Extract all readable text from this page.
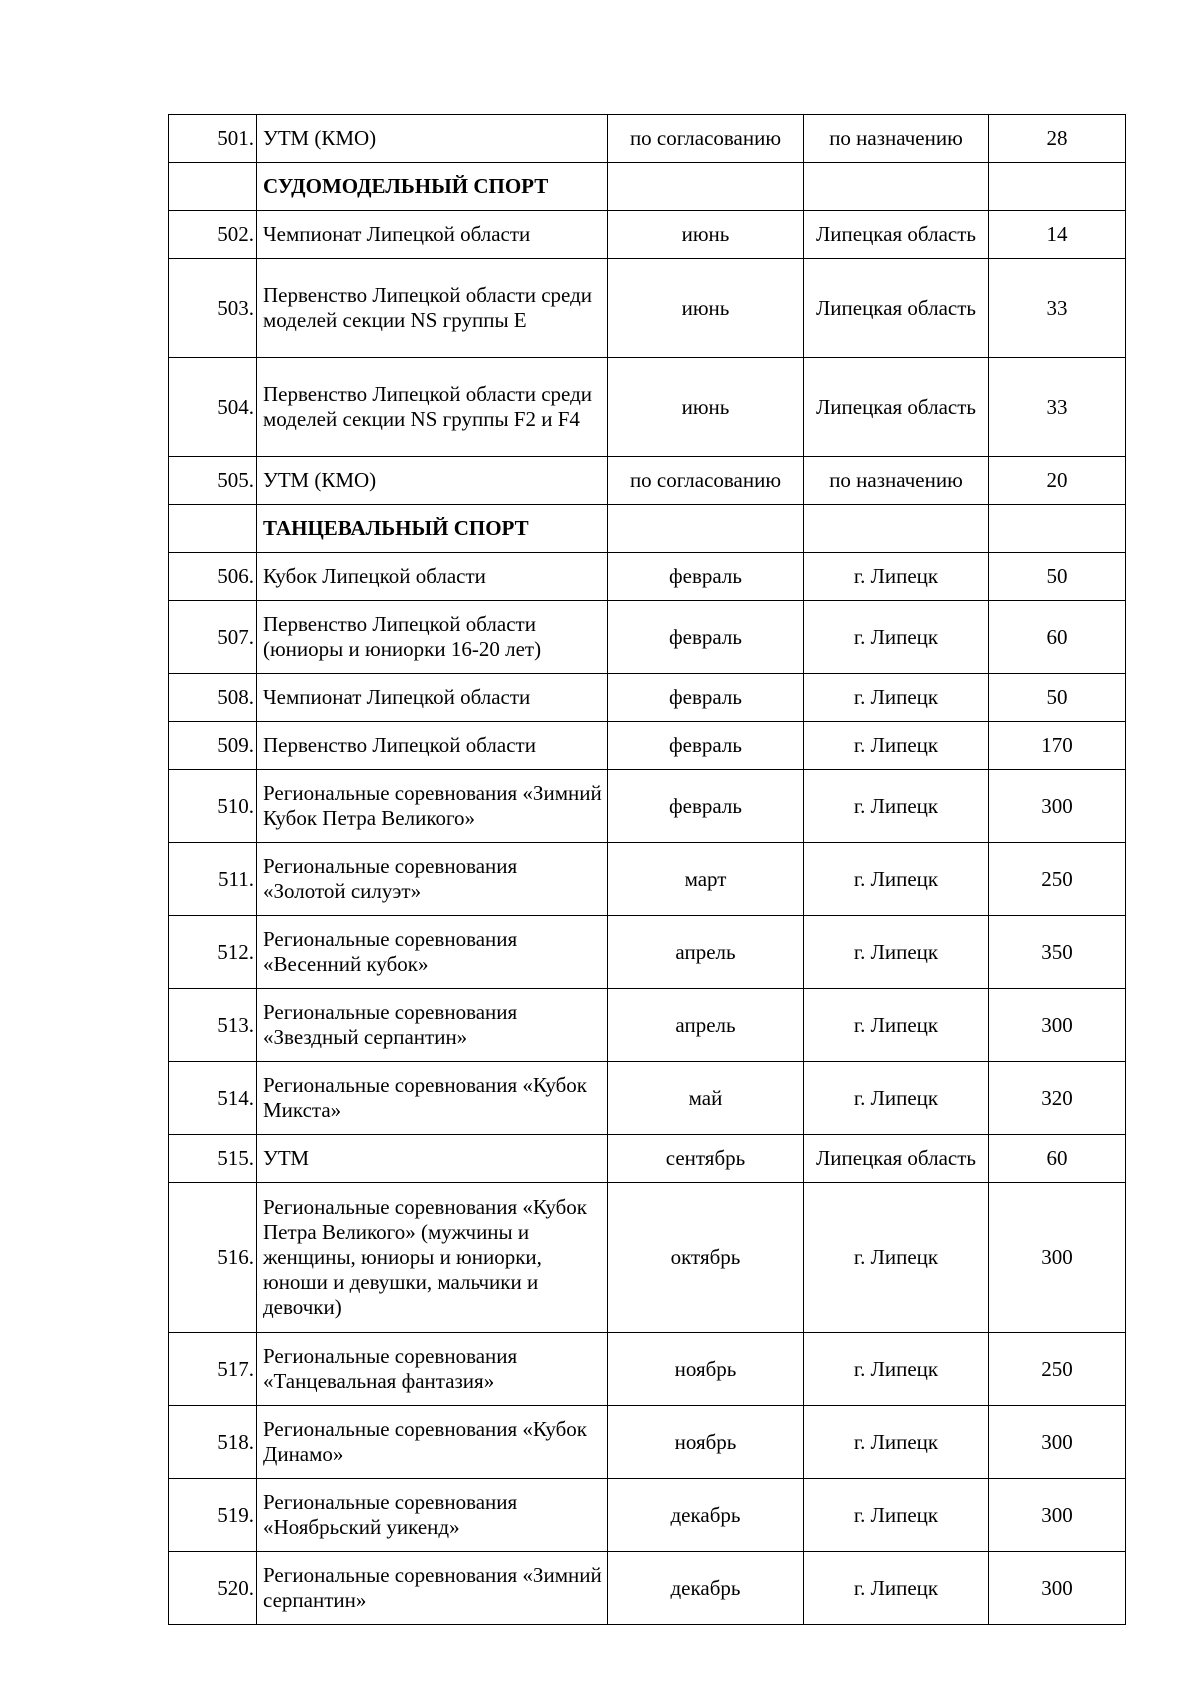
501.	УТМ (КМО)	по согласованию	по назначению	28
	СУДОМОДЕЛЬНЫЙ СПОРТ			
502.	Чемпионат Липецкой области	июнь	Липецкая область	14
503.	Первенство Липецкой области среди моделей секции NS группы E	июнь	Липецкая область	33
504.	Первенство Липецкой области среди моделей секции NS группы F2 и F4	июнь	Липецкая область	33
505.	УТМ (КМО)	по согласованию	по назначению	20
	ТАНЦЕВАЛЬНЫЙ СПОРТ			
506.	Кубок Липецкой области	февраль	г. Липецк	50
507.	Первенство Липецкой области (юниоры и юниорки 16-20 лет)	февраль	г. Липецк	60
508.	Чемпионат Липецкой области	февраль	г. Липецк	50
509.	Первенство Липецкой области	февраль	г. Липецк	170
510.	Региональные соревнования «Зимний Кубок Петра Великого»	февраль	г. Липецк	300
511.	Региональные соревнования «Золотой силуэт»	март	г. Липецк	250
512.	Региональные соревнования «Весенний кубок»	апрель	г. Липецк	350
513.	Региональные соревнования «Звездный серпантин»	апрель	г. Липецк	300
514.	Региональные соревнования «Кубок Микста»	май	г. Липецк	320
515.	УТМ	сентябрь	Липецкая область	60
516.	Региональные соревнования «Кубок Петра Великого» (мужчины и женщины, юниоры и юниорки, юноши и девушки, мальчики и девочки)	октябрь	г. Липецк	300
517.	Региональные соревнования «Танцевальная фантазия»	ноябрь	г. Липецк	250
518.	Региональные соревнования «Кубок Динамо»	ноябрь	г. Липецк	300
519.	Региональные соревнования «Ноябрьский уикенд»	декабрь	г. Липецк	300
520.	Региональные соревнования «Зимний серпантин»	декабрь	г. Липецк	300
